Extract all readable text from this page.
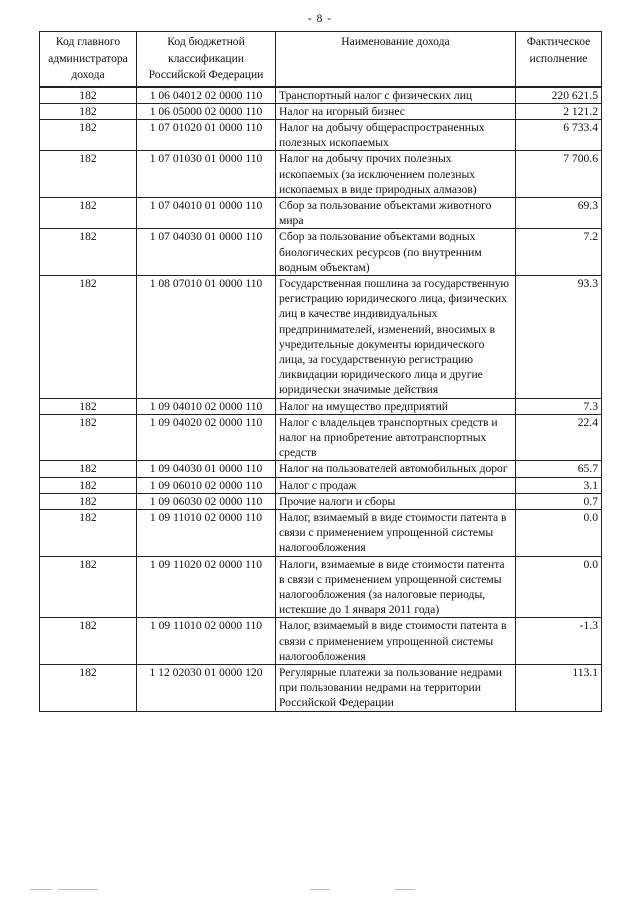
- 8 -
Код главного администратора дохода	Код бюджетной классификации Российской Федерации	Наименование дохода	Фактическое исполнение
182	1 06 04012 02 0000 110	Транспортный налог с физических лиц	220 621.5
182	1 06 05000 02 0000 110	Налог на игорный бизнес	2 121.2
182	1 07 01020 01 0000 110	Налог на добычу общераспространенных полезных ископаемых	6 733.4
182	1 07 01030 01 0000 110	Налог на добычу прочих полезных ископаемых (за исключением полезных ископаемых в виде природных алмазов)	7 700.6
182	1 07 04010 01 0000 110	Сбор за пользование объектами животного мира	69.3
182	1 07 04030 01 0000 110	Сбор за пользование объектами водных биологических ресурсов (по внутренним водным объектам)	7.2
182	1 08 07010 01 0000 110	Государственная пошлина за государственную регистрацию юридического лица, физических лиц в качестве индивидуальных предпринимателей, изменений, вносимых в учредительные документы юридического лица, за государственную регистрацию ликвидации юридического лица и другие юридически значимые действия	93.3
182	1 09 04010 02 0000 110	Налог на имущество предприятий	7.3
182	1 09 04020 02 0000 110	Налог с владельцев транспортных средств и налог на приобретение автотранспортных средств	22.4
182	1 09 04030 01 0000 110	Налог на пользователей автомобильных дорог	65.7
182	1 09 06010 02 0000 110	Налог с продаж	3.1
182	1 09 06030 02 0000 110	Прочие налоги и сборы	0.7
182	1 09 11010 02 0000 110	Налог, взимаемый в виде стоимости патента в связи с применением упрощенной системы налогообложения	0.0
182	1 09 11020 02 0000 110	Налоги, взимаемые в виде стоимости патента в связи с применением упрощенной системы налогообложения (за налоговые периоды, истекшие до 1 января 2011 года)	0.0
182	1 09 11010 02 0000 110	Налог, взимаемый в виде стоимости патента в связи с применением упрощенной системы налогообложения	-1.3
182	1 12 02030 01 0000 120	Регулярные платежи за пользование недрами при пользовании недрами на территории Российской Федерации	113.1
